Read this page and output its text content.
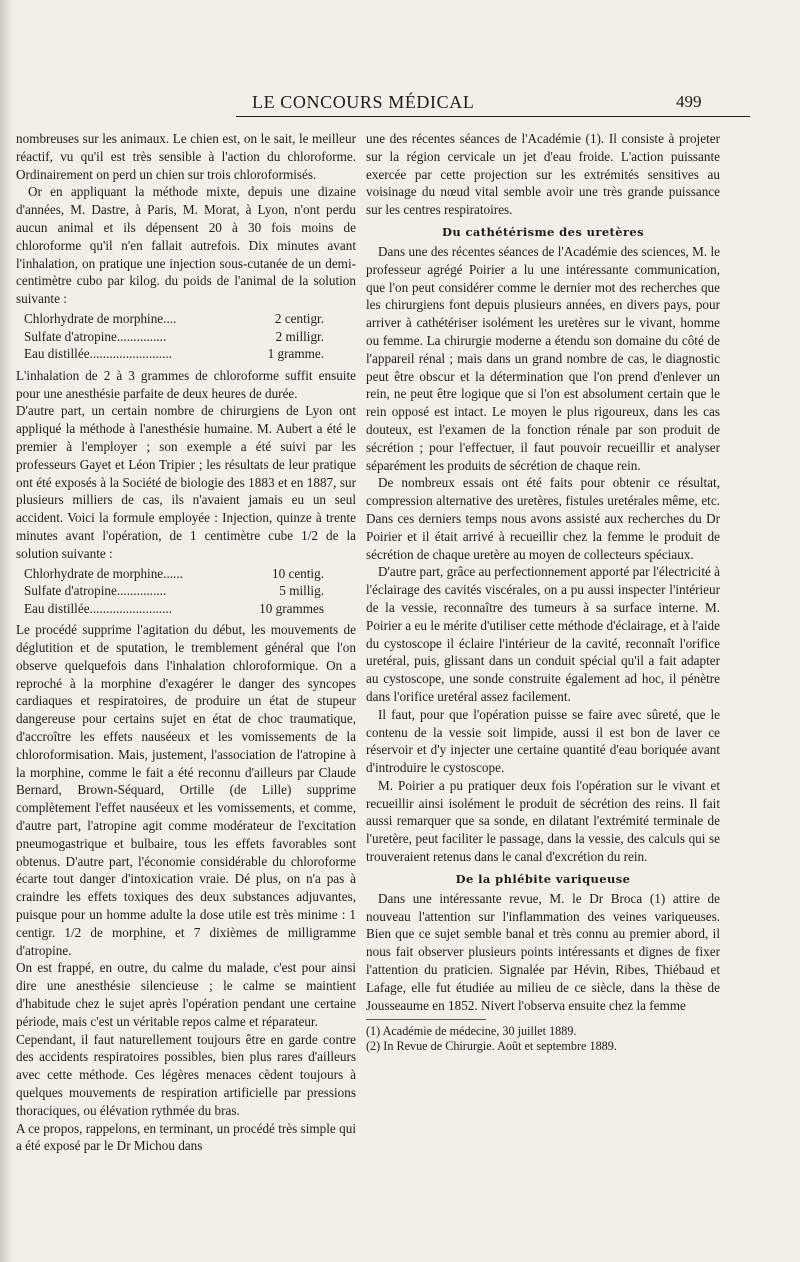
LE CONCOURS MÉDICAL	499

nombreuses sur les animaux. Le chien est, on le sait, le meilleur réactif, vu qu'il est très sensible à l'action du chloroforme. Ordinairement on perd un chien sur trois chloroformisés.

Or en appliquant la méthode mixte, depuis une dizaine d'années, M. Dastre, à Paris, M. Morat, à Lyon, n'ont perdu aucun animal et ils dépensent 20 à 30 fois moins de chloroforme qu'il n'en fallait autrefois. Dix minutes avant l'inhalation, on pratique une injection sous-cutanée de un demi-centimètre cubo par kilog. du poids de l'animal de la solution suivante :

Chlorhydrate de morphine....	2 centigr.
Sulfate d'atropine...............	2 milligr.
Eau distillée.........................	1 gramme.

L'inhalation de 2 à 3 grammes de chloroforme suffit ensuite pour une anesthésie parfaite de deux heures de durée.

D'autre part, un certain nombre de chirurgiens de Lyon ont appliqué la méthode à l'anesthésie humaine. M. Aubert a été le premier à l'employer ; son exemple a été suivi par les professeurs Gayet et Léon Tripier ; les résultats de leur pratique ont été exposés à la Société de biologie des 1883 et en 1887, sur plusieurs milliers de cas, ils n'avaient jamais eu un seul accident. Voici la formule employée : Injection, quinze à trente minutes avant l'opération, de 1 centimètre cube 1/2 de la solution suivante :

Chlorhydrate de morphine......	10 centig.
Sulfate d'atropine...............	5 millig.
Eau distillée.........................	10 grammes

Le procédé supprime l'agitation du début, les mouvements de déglutition et de sputation, le tremblement général que l'on observe quelquefois dans l'inhalation chloroformique. On a reproché à la morphine d'exagérer le danger des syncopes cardiaques et respiratoires, de produire un état de stupeur dangereuse pour certains sujet en état de choc traumatique, d'accroître les effets nauséeux et les vomissements de la chloroformisation. Mais, justement, l'association de l'atropine à la morphine, comme le fait a été reconnu d'ailleurs par Claude Bernard, Brown-Séquard, Ortille (de Lille) supprime complètement l'effet nauséeux et les vomissements, et comme, d'autre part, l'atropine agit comme modérateur de l'excitation pneumogastrique et bulbaire, tous les effets favorables sont obtenus. D'autre part, l'économie considérable du chloroforme écarte tout danger d'intoxication vraie. Dé plus, on n'a pas à craindre les effets toxiques des deux substances adjuvantes, puisque pour un homme adulte la dose utile est très minime : 1 centigr. 1/2 de morphine, et 7 dixièmes de milligramme d'atropine.

On est frappé, en outre, du calme du malade, c'est pour ainsi dire une anesthésie silencieuse ; le calme se maintient d'habitude chez le sujet après l'opération pendant une certaine période, mais c'est un véritable repos calme et réparateur.

Cependant, il faut naturellement toujours être en garde contre des accidents respiratoires possibles, bien plus rares d'ailleurs avec cette méthode. Ces légères menaces cèdent toujours à quelques mouvements de respiration artificielle par pressions thoraciques, ou élévation rythmée du bras.

A ce propos, rappelons, en terminant, un procédé très simple qui a été exposé par le Dr Michou dans

une des récentes séances de l'Académie (1). Il consiste à projeter sur la région cervicale un jet d'eau froide. L'action puissante exercée par cette projection sur les extrémités sensitives au voisinage du nœud vital semble avoir une très grande puissance sur les centres respiratoires.

Du cathétérisme des uretères

Dans une des récentes séances de l'Académie des sciences, M. le professeur agrégé Poirier a lu une intéressante communication, que l'on peut considérer comme le dernier mot des recherches que les chirurgiens font depuis plusieurs années, en divers pays, pour arriver à cathétériser isolément les uretères sur le vivant, homme ou femme. La chirurgie moderne a étendu son domaine du côté de l'appareil rénal ; mais dans un grand nombre de cas, le diagnostic peut être obscur et la détermination que l'on prend d'enlever un rein, ne peut être logique que si l'on est absolument certain que le rein opposé est intact. Le moyen le plus rigoureux, dans les cas douteux, est l'examen de la fonction rénale par son produit de sécrétion ; pour l'effectuer, il faut pouvoir recueillir et analyser séparément les produits de sécrétion de chaque rein.

De nombreux essais ont été faits pour obtenir ce résultat, compression alternative des uretères, fistules uretérales même, etc. Dans ces derniers temps nous avons assisté aux recherches du Dr Poirier et il était arrivé à recueillir chez la femme le produit de sécrétion de chaque uretère au moyen de collecteurs spéciaux.

D'autre part, grâce au perfectionnement apporté par l'électricité à l'éclairage des cavités viscérales, on a pu aussi inspecter l'intérieur de la vessie, reconnaître des tumeurs à sa surface interne. M. Poirier a eu le mérite d'utiliser cette méthode d'éclairage, et à l'aide du cystoscope il éclaire l'intérieur de la cavité, reconnaît l'orifice uretéral, puis, glissant dans un conduit spécial qu'il a fait adapter au cystoscope, une sonde construite également ad hoc, il pénètre dans l'orifice uretéral assez facilement.

Il faut, pour que l'opération puisse se faire avec sûreté, que le contenu de la vessie soit limpide, aussi il est bon de laver ce réservoir et d'y injecter une certaine quantité d'eau boriquée avant d'introduire le cystoscope.

M. Poirier a pu pratiquer deux fois l'opération sur le vivant et recueillir ainsi isolément le produit de sécrétion des reins. Il fait aussi remarquer que sa sonde, en dilatant l'extrémité terminale de l'uretère, peut faciliter le passage, dans la vessie, des calculs qui se trouveraient retenus dans le canal d'excrétion du rein.

De la phlébite variqueuse

Dans une intéressante revue, M. le Dr Broca (1) attire de nouveau l'attention sur l'inflammation des veines variqueuses. Bien que ce sujet semble banal et très connu au premier abord, il nous fait observer plusieurs points intéressants et dignes de fixer l'attention du praticien. Signalée par Hévin, Ribes, Thiébaud et Lafage, elle fut étudiée au milieu de ce siècle, dans la thèse de Jousseaume en 1852. Nivert l'observa ensuite chez la femme

(1) Académie de médecine, 30 juillet 1889.

(2) In Revue de Chirurgie. Août et septembre 1889.
